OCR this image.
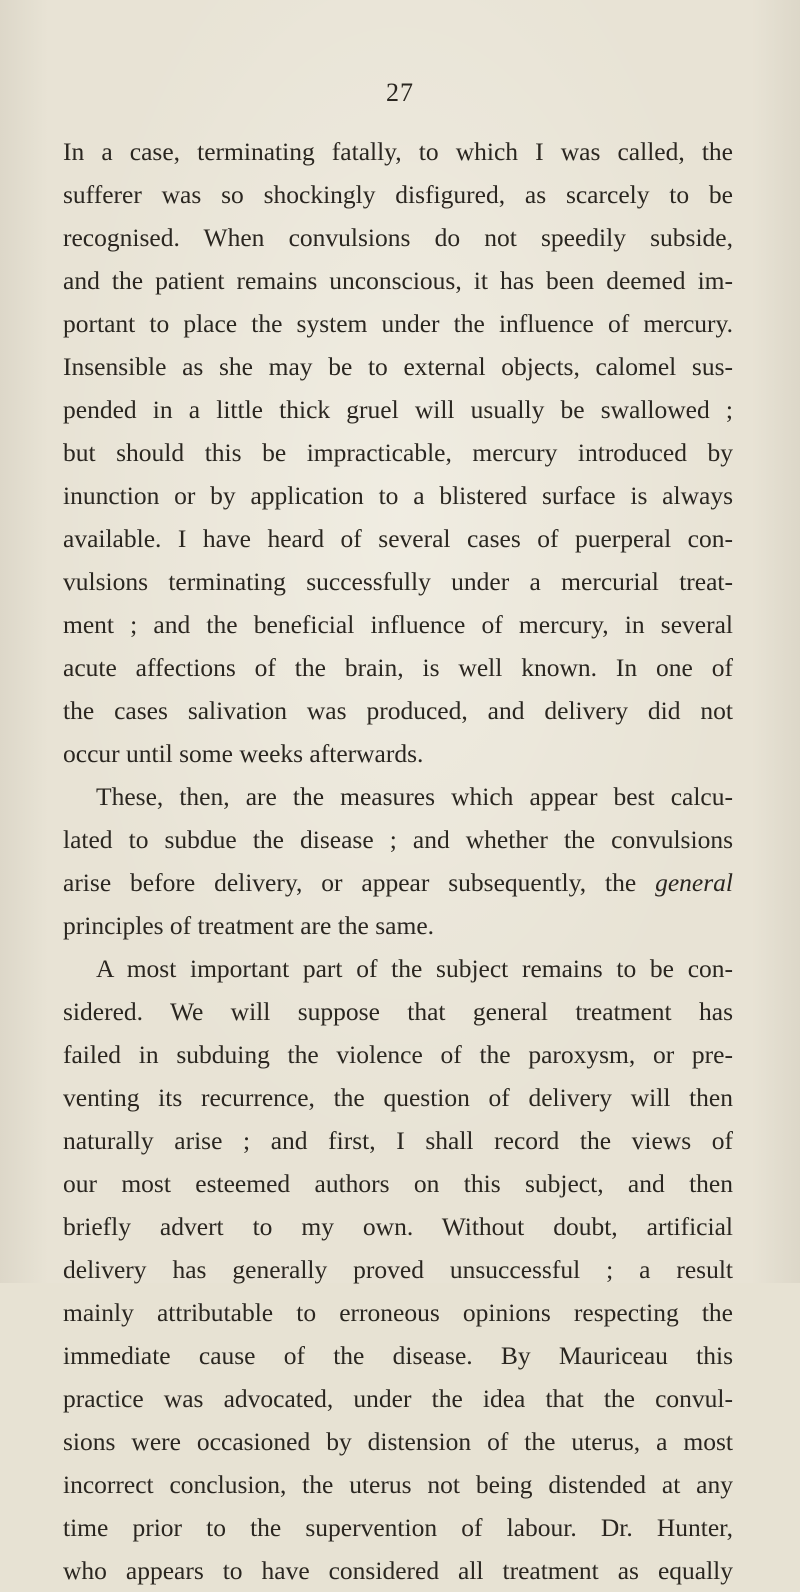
27
In a case, terminating fatally, to which I was called, the
sufferer was so shockingly disfigured, as scarcely to be
recognised. When convulsions do not speedily subside,
and the patient remains unconscious, it has been deemed im-
portant to place the system under the influence of mercury.
Insensible as she may be to external objects, calomel sus-
pended in a little thick gruel will usually be swallowed ;
but should this be impracticable, mercury introduced by
inunction or by application to a blistered surface is always
available. I have heard of several cases of puerperal con-
vulsions terminating successfully under a mercurial treat-
ment ; and the beneficial influence of mercury, in several
acute affections of the brain, is well known. In one of
the cases salivation was produced, and delivery did not
occur until some weeks afterwards.
These, then, are the measures which appear best calcu-
lated to subdue the disease ; and whether the convulsions
arise before delivery, or appear subsequently, the general
principles of treatment are the same.
A most important part of the subject remains to be con-
sidered. We will suppose that general treatment has
failed in subduing the violence of the paroxysm, or pre-
venting its recurrence, the question of delivery will then
naturally arise ; and first, I shall record the views of
our most esteemed authors on this subject, and then
briefly advert to my own. Without doubt, artificial
delivery has generally proved unsuccessful ; a result
mainly attributable to erroneous opinions respecting the
immediate cause of the disease. By Mauriceau this
practice was advocated, under the idea that the convul-
sions were occasioned by distension of the uterus, a most
incorrect conclusion, the uterus not being distended at any
time prior to the supervention of labour. Dr. Hunter,
who appears to have considered all treatment as equally
